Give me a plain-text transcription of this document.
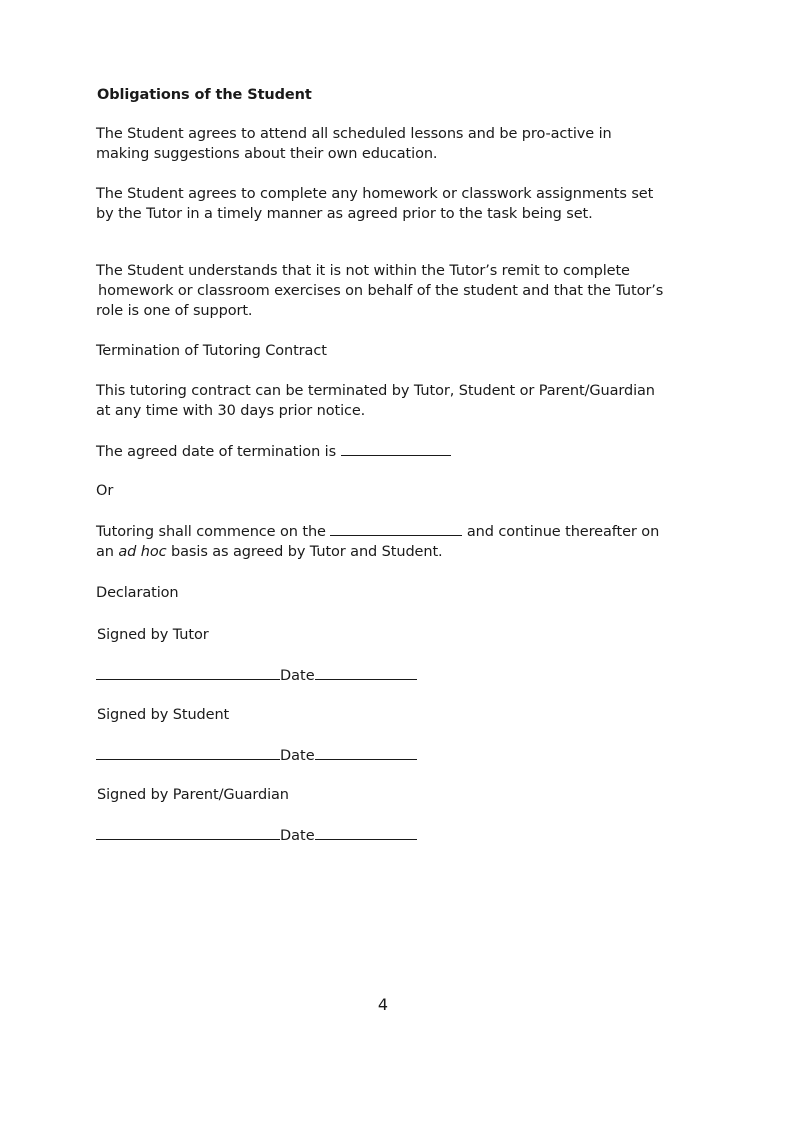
Obligations of the Student

The Student agrees to attend all scheduled lessons and be pro-active in
making suggestions about their own education.
The Student agrees to complete any homework or classwork assignments set
by the Tutor in a timely manner as agreed prior to the task being set.
The Student understands that it is not within the Tutor’s remit to complete
homework or classroom exercises on behalf of the student and that the Tutor’s
role is one of support.

Termination of Tutoring Contract

This tutoring contract can be terminated by Tutor, Student or Parent/Guardian
at any time with 30 days prior notice.
The agreed date of termination is

Or

Tutoring shall commence on the	and continue thereafter on
an ad hoc basis as agreed by Tutor and Student.

Declaration

Signed by Tutor

Date

Signed by Student

Date

Signed by Parent/Guardian

Date
4
